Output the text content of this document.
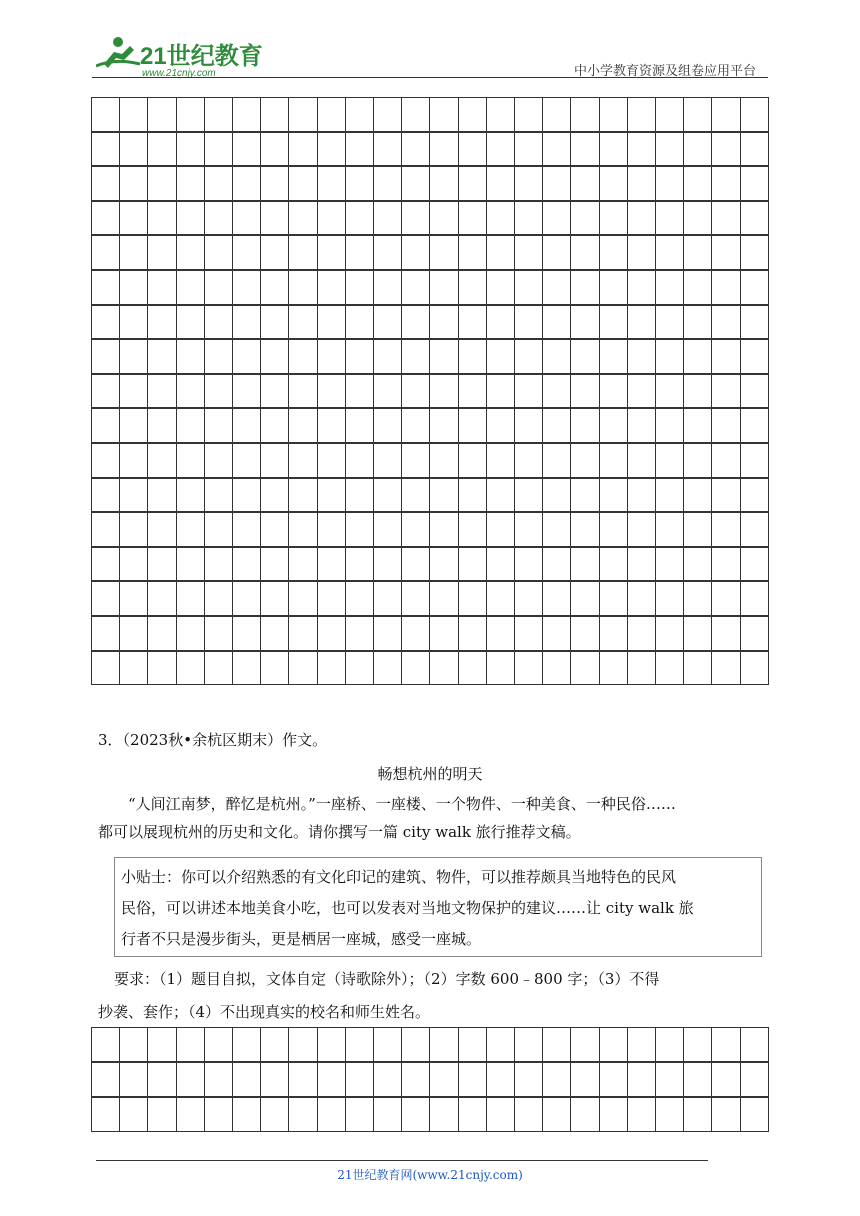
21世纪教育
www.21cnjy.com	中小学教育资源及组卷应用平台
3．（2023秋•余杭区期末）作文。
畅想杭州的明天
“人间江南梦，醉忆是杭州。”一座桥、一座楼、一个物件、一种美食、一种民俗……
都可以展现杭州的历史和文化。请你撰写一篇 city walk 旅行推荐文稿。
小贴士：你可以介绍熟悉的有文化印记的建筑、物件，可以推荐颇具当地特色的民风
民俗，可以讲述本地美食小吃，也可以发表对当地文物保护的建议……让 city walk 旅
行者不只是漫步街头，更是栖居一座城，感受一座城。
要求：（1）题目自拟，文体自定（诗歌除外）；（2）字数 600﹣800 字；（3）不得
抄袭、套作；（4）不出现真实的校名和师生姓名。
21世纪教育网(www.21cnjy.com)
